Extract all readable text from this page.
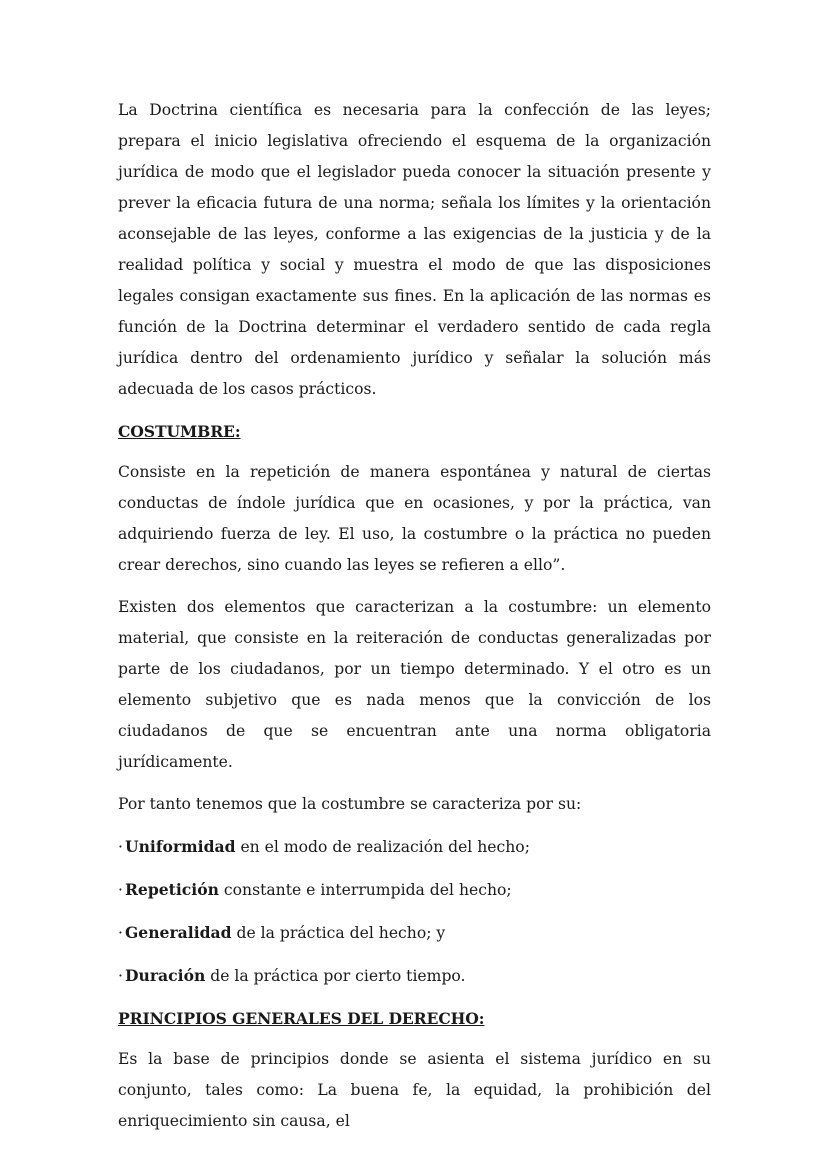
La Doctrina científica es necesaria para la confección de las leyes; prepara el inicio legislativa ofreciendo el esquema de la organización jurídica de modo que el legislador pueda conocer la situación presente y prever la eficacia futura de una norma; señala los límites y la orientación aconsejable de las leyes, conforme a las exigencias de la justicia y de la realidad política y social y muestra el modo de que las disposiciones legales consigan exactamente sus fines. En la aplicación de las normas es función de la Doctrina determinar el verdadero sentido de cada regla jurídica dentro del ordenamiento jurídico y señalar la solución más adecuada de los casos prácticos.

COSTUMBRE:

Consiste en la repetición de manera espontánea y natural de ciertas conductas de índole jurídica que en ocasiones, y por la práctica, van adquiriendo fuerza de ley. El uso, la costumbre o la práctica no pueden crear derechos, sino cuando las leyes se refieren a ello”.

Existen dos elementos que caracterizan a la costumbre: un elemento material, que consiste en la reiteración de conductas generalizadas por parte de los ciudadanos, por un tiempo determinado. Y el otro es un elemento subjetivo que es nada menos que la convicción de los ciudadanos de que se encuentran ante una norma obligatoria jurídicamente.

Por tanto tenemos que la costumbre se caracteriza por su:

· Uniformidad en el modo de realización del hecho;
· Repetición constante e interrumpida del hecho;
· Generalidad de la práctica del hecho; y
· Duración de la práctica por cierto tiempo.

PRINCIPIOS GENERALES DEL DERECHO:

Es la base de principios donde se asienta el sistema jurídico en su conjunto, tales como: La buena fe, la equidad, la prohibición del enriquecimiento sin causa, el
